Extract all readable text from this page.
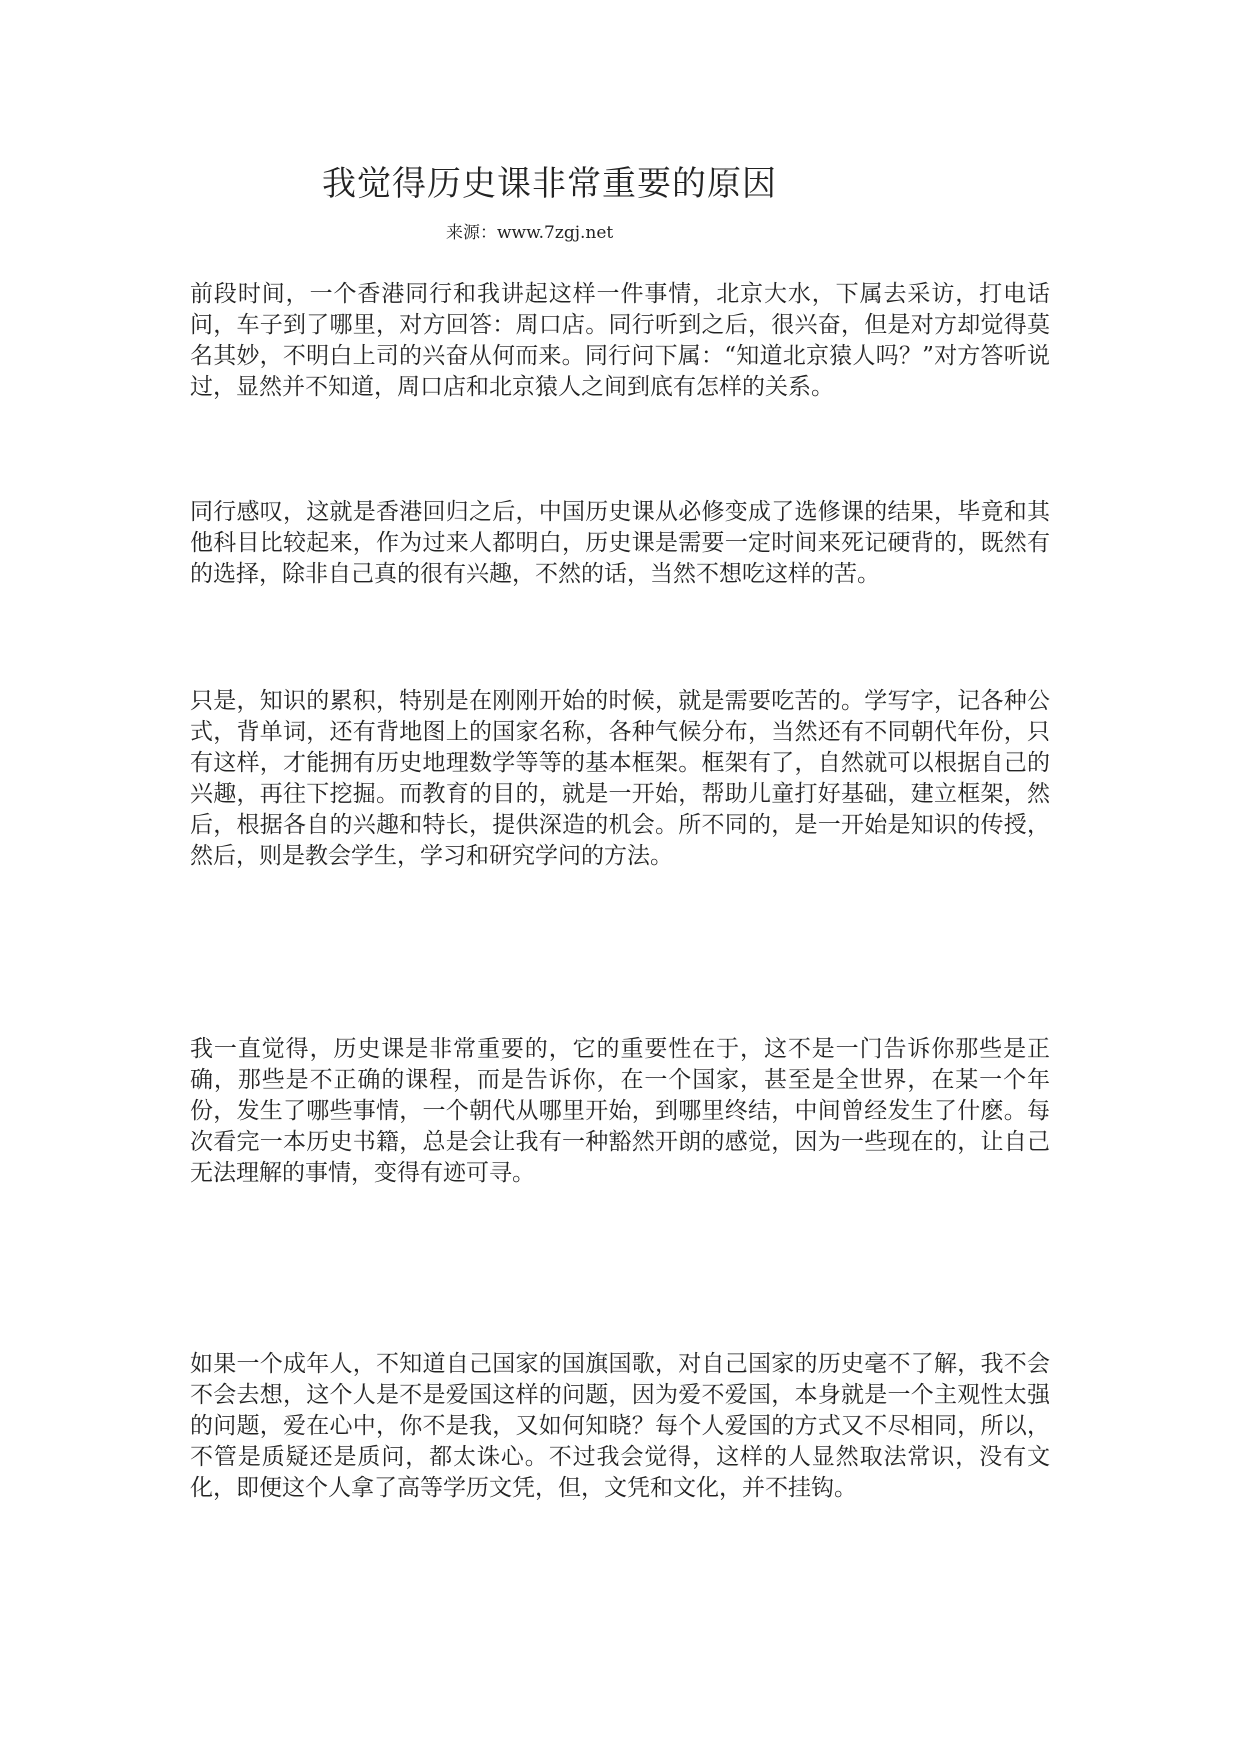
我觉得历史课非常重要的原因
来源：www.7zgj.net

前段时间，一个香港同行和我讲起这样一件事情，北京大水，下属去采访，打电话问，车子到了哪里，对方回答：周口店。同行听到之后，很兴奋，但是对方却觉得莫名其妙，不明白上司的兴奋从何而来。同行问下属：“知道北京猿人吗？”对方答听说过，显然并不知道，周口店和北京猿人之间到底有怎样的关系。

同行感叹，这就是香港回归之后，中国历史课从必修变成了选修课的结果，毕竟和其他科目比较起来，作为过来人都明白，历史课是需要一定时间来死记硬背的，既然有的选择，除非自己真的很有兴趣，不然的话，当然不想吃这样的苦。

只是，知识的累积，特别是在刚刚开始的时候，就是需要吃苦的。学写字，记各种公式，背单词，还有背地图上的国家名称，各种气候分布，当然还有不同朝代年份，只有这样，才能拥有历史地理数学等等的基本框架。框架有了，自然就可以根据自己的兴趣，再往下挖掘。而教育的目的，就是一开始，帮助儿童打好基础，建立框架，然后，根据各自的兴趣和特长，提供深造的机会。所不同的，是一开始是知识的传授，然后，则是教会学生，学习和研究学问的方法。

我一直觉得，历史课是非常重要的，它的重要性在于，这不是一门告诉你那些是正确，那些是不正确的课程，而是告诉你，在一个国家，甚至是全世界，在某一个年份，发生了哪些事情，一个朝代从哪里开始，到哪里终结，中间曾经发生了什麽。每次看完一本历史书籍，总是会让我有一种豁然开朗的感觉，因为一些现在的，让自己无法理解的事情，变得有迹可寻。

如果一个成年人，不知道自己国家的国旗国歌，对自己国家的历史毫不了解，我不会不会去想，这个人是不是爱国这样的问题，因为爱不爱国，本身就是一个主观性太强的问题，爱在心中，你不是我，又如何知晓？每个人爱国的方式又不尽相同，所以，不管是质疑还是质问，都太诛心。不过我会觉得，这样的人显然取法常识，没有文化，即便这个人拿了高等学历文凭，但，文凭和文化，并不挂钩。
